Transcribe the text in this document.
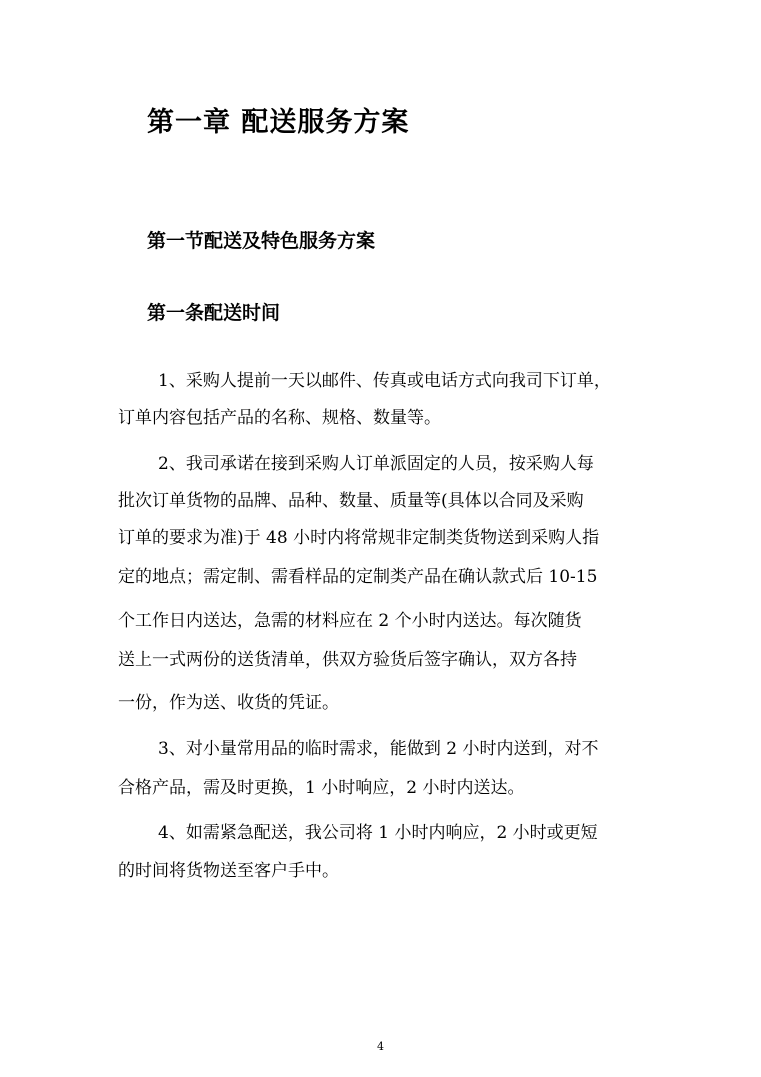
第一章 配送服务方案
第一节配送及特色服务方案
第一条配送时间
1、采购人提前一天以邮件、传真或电话方式向我司下订单，
订单内容包括产品的名称、规格、数量等。
2、我司承诺在接到采购人订单派固定的人员，按采购人每
批次订单货物的品牌、品种、数量、质量等(具体以合同及采购
订单的要求为准)于 48 小时内将常规非定制类货物送到采购人指
定的地点；需定制、需看样品的定制类产品在确认款式后 10-15
个工作日内送达，急需的材料应在 2 个小时内送达。每次随货
送上一式两份的送货清单，供双方验货后签字确认，双方各持
一份，作为送、收货的凭证。
3、对小量常用品的临时需求，能做到 2 小时内送到，对不
合格产品，需及时更换，1 小时响应，2 小时内送达。
4、如需紧急配送，我公司将 1 小时内响应，2 小时或更短
的时间将货物送至客户手中。
4
